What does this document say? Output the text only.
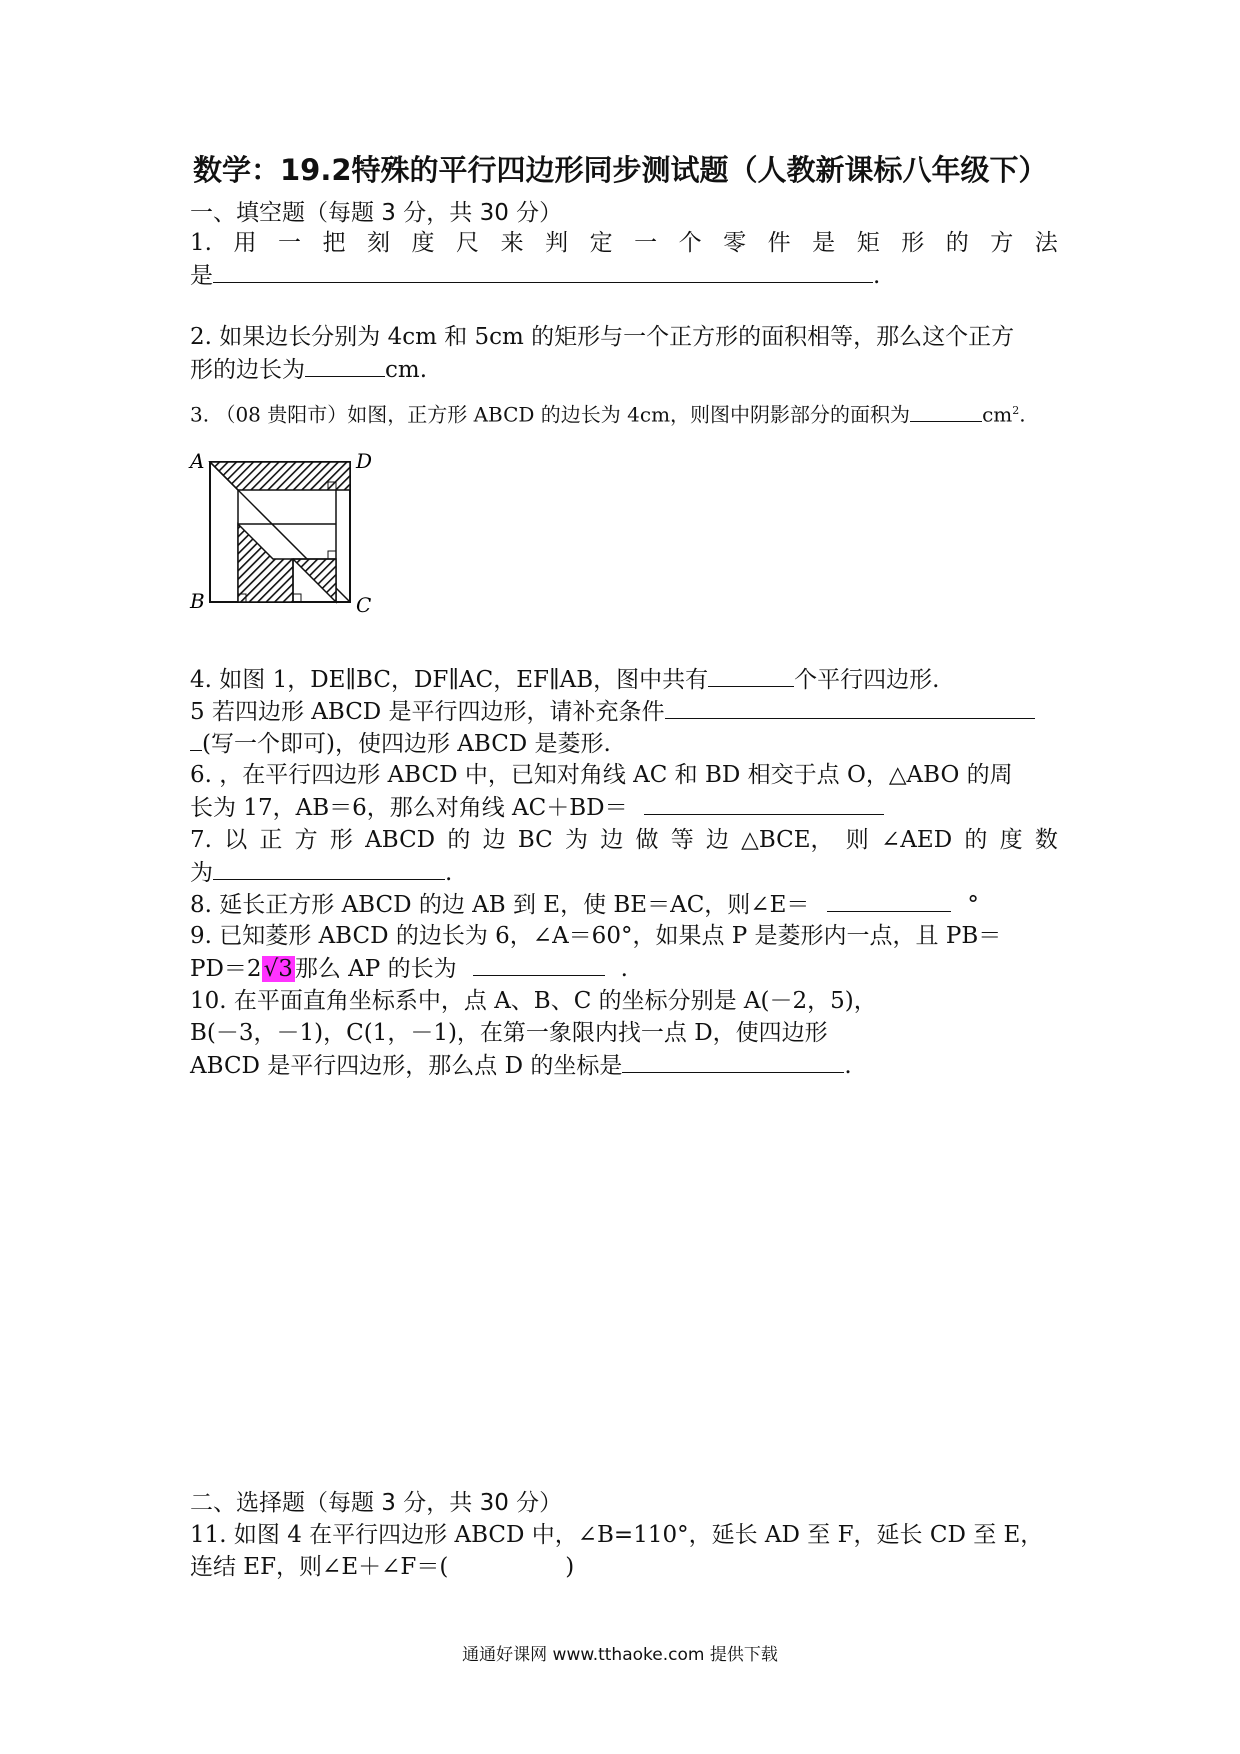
数学：19.2特殊的平行四边形同步测试题（人教新课标八年级下）
一、填空题（每题 3 分，共 30 分）
1. 用 一 把 刻 度 尺 来 判 定 一 个 零 件 是 矩 形 的 方 法
是	.
2. 如果边长分别为 4cm 和 5cm 的矩形与一个正方形的面积相等，那么这个正方
形的边长为	cm.
3. （08 贵阳市）如图，正方形 ABCD 的边长为 4cm，则图中阴影部分的面积为	$cm^2$.
A	D
B	C
4. 如图 1，DE∥BC，DF∥AC，EF∥AB，图中共有	个平行四边形.
5 若四边形 ABCD 是平行四边形，请补充条件
(写一个即可)，使四边形 ABCD 是菱形.
6. ，在平行四边形 ABCD 中，已知对角线 AC 和 BD 相交于点 O，△ABO 的周
长为 17，AB＝6，那么对角线 AC＋BD＝
7. 以 正 方 形 ABCD 的 边 BC 为 边 做 等 边 △BCE， 则 ∠AED 的 度 数
为	.
8. 延长正方形 ABCD 的边 AB 到 E，使 BE＝AC，则∠E＝	°
9. 已知菱形 ABCD 的边长为 6，∠A＝60°，如果点 P 是菱形内一点，且 PB＝
PD＝2√3那么 AP 的长为	.
10. 在平面直角坐标系中，点 A、B、C 的坐标分别是 A(－2，5)，
B(－3，－1)，C(1，－1)，在第一象限内找一点 D，使四边形
ABCD 是平行四边形，那么点 D 的坐标是	.
二、选择题（每题 3 分，共 30 分）
11. 如图 4 在平行四边形 ABCD 中，∠B=110°，延长 AD 至 F，延长 CD 至 E，
连结 EF，则∠E＋∠F＝(                )
通通好课网 www.tthaoke.com 提供下载
